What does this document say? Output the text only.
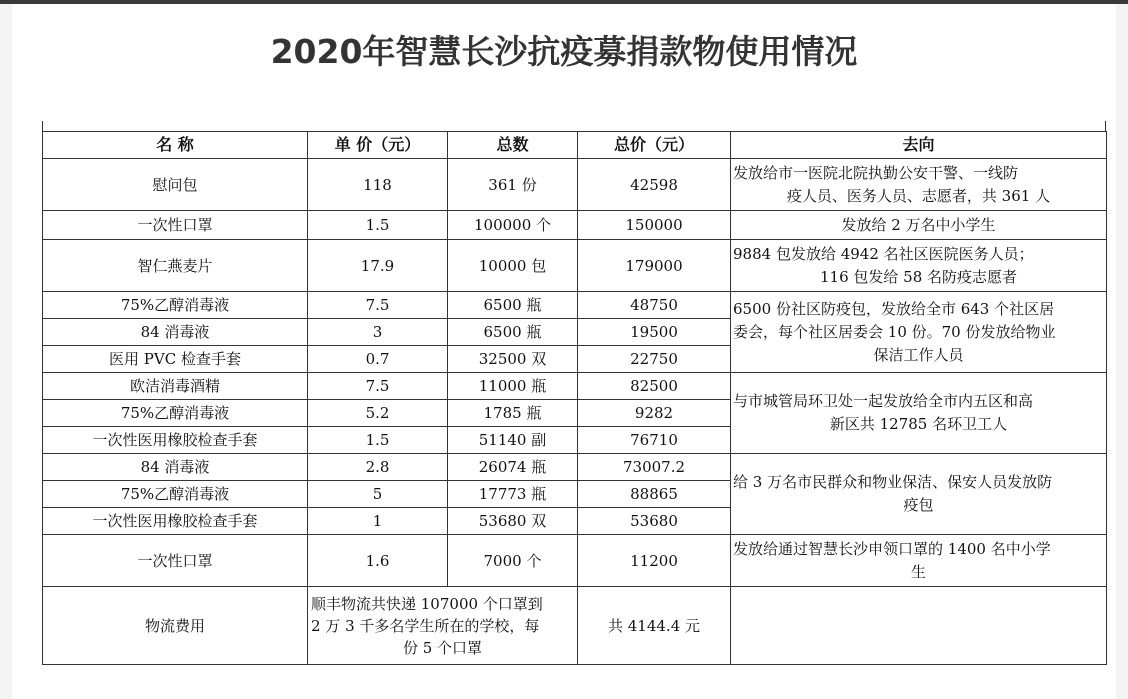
2020年智慧长沙抗疫募捐款物使用情况
名 称	单 价（元）	总数	总价（元）	去向
慰问包	118	361 份	42598	发放给市一医院北院执勤公安干警、一线防
疫人员、医务人员、志愿者，共 361 人

一次性口罩	1.5	100000 个	150000	发放给 2 万名中小学生
智仁燕麦片	17.9	10000 包	179000	9884 包发放给 4942 名社区医院医务人员；
116 包发给 58 名防疫志愿者

75%乙醇消毒液	7.5	6500 瓶	48750	6500 份社区防疫包，发放给全市 643 个社区居
委会，每个社区居委会 10 份。70 份发放给物业
保洁工作人员

84 消毒液	3	6500 瓶	19500	
医用 PVC 检查手套	0.7	32500 双	22750	
欧洁消毒酒精	7.5	11000 瓶	82500	与市城管局环卫处一起发放给全市内五区和高
新区共 12785 名环卫工人

75%乙醇消毒液	5.2	1785 瓶	9282	
一次性医用橡胶检查手套	1.5	51140 副	76710	
84 消毒液	2.8	26074 瓶	73007.2	给 3 万名市民群众和物业保洁、保安人员发放防
疫包

75%乙醇消毒液	5	17773 瓶	88865	
一次性医用橡胶检查手套	1	53680 双	53680	
一次性口罩	1.6	7000 个	11200	发放给通过智慧长沙申领口罩的 1400 名中小学
生

物流费用	顺丰物流共快递 107000 个口罩到
2 万 3 千多名学生所在的学校，每
份 5 个口罩		共 4144.4 元	
